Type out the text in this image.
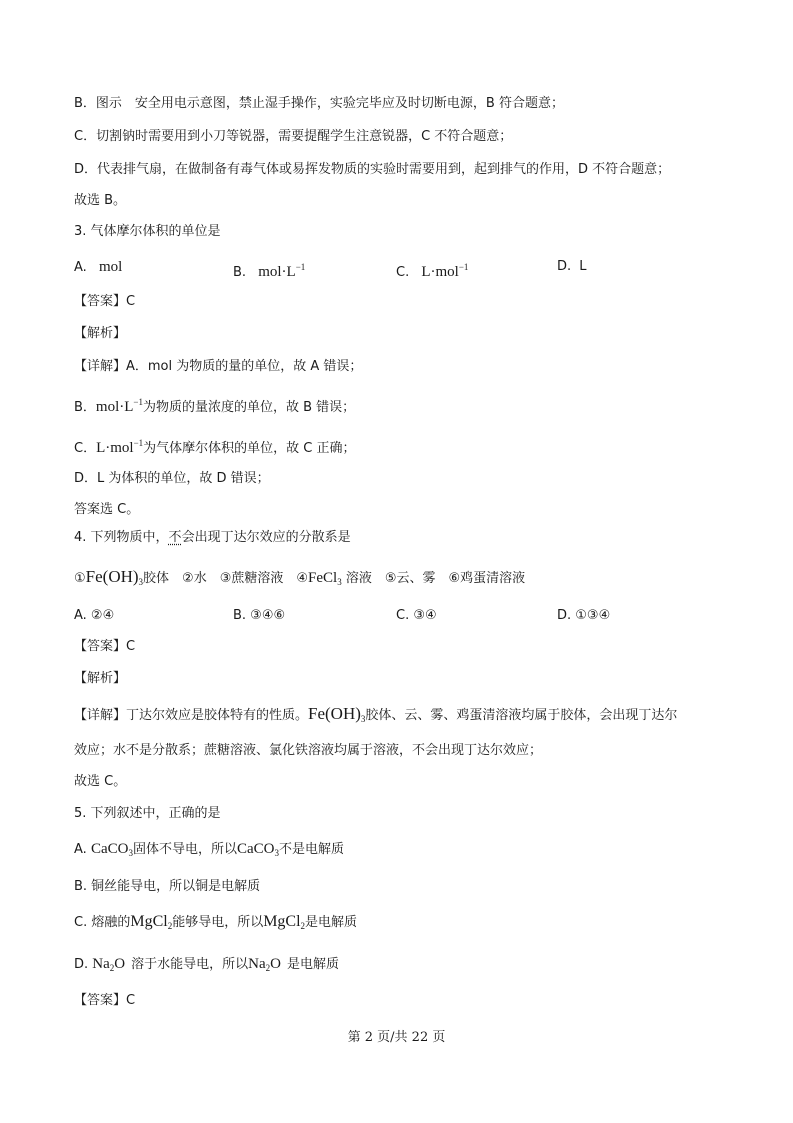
B．图示　安全用电示意图，禁止湿手操作，实验完毕应及时切断电源，B 符合题意；
C．切割钠时需要用到小刀等锐器，需要提醒学生注意锐器，C 不符合题意；
D．代表排气扇，在做制备有毒气体或易挥发物质的实验时需要用到，起到排气的作用，D 不符合题意；
故选 B。
3. 气体摩尔体积的单位是
A. mol	B. $mol\cdot L^{-1}$	C. L·mol$^{-1}$	D. L
【答案】C
【解析】
【详解】A．mol 为物质的量的单位，故 A 错误；
B．$mol\cdot L^{-1}$为物质的量浓度的单位，故 B 错误；
C．L·mol$^{-1}$为气体摩尔体积的单位，故 C 正确；
D．L 为体积的单位，故 D 错误；
答案选 C。
4. 下列物质中，不会出现丁达尔效应的分散系是
$①Fe(OH)_3$胶体　②水　③蔗糖溶液　④FeCl$_3$ 溶液　⑤云、雾　⑥鸡蛋清溶液
A. ②④	B. ③④⑥	C. ③④	D. ①③④
【答案】C
【解析】
【详解】丁达尔效应是胶体特有的性质。$Fe(OH)_3$胶体、云、雾、鸡蛋清溶液均属于胶体，会出现丁达尔
效应；水不是分散系；蔗糖溶液、氯化铁溶液均属于溶液，不会出现丁达尔效应；
故选 C。
5. 下列叙述中，正确的是
A. CaCO$_3$固体不导电，所以CaCO$_3$不是电解质
B. 铜丝能导电，所以铜是电解质
C. 熔融的MgCl$_2$能够导电，所以MgCl$_2$是电解质
D. $Na_2O$ 溶于水能导电，所以$Na_2O$ 是电解质
【答案】C
第 2 页/共 22 页
